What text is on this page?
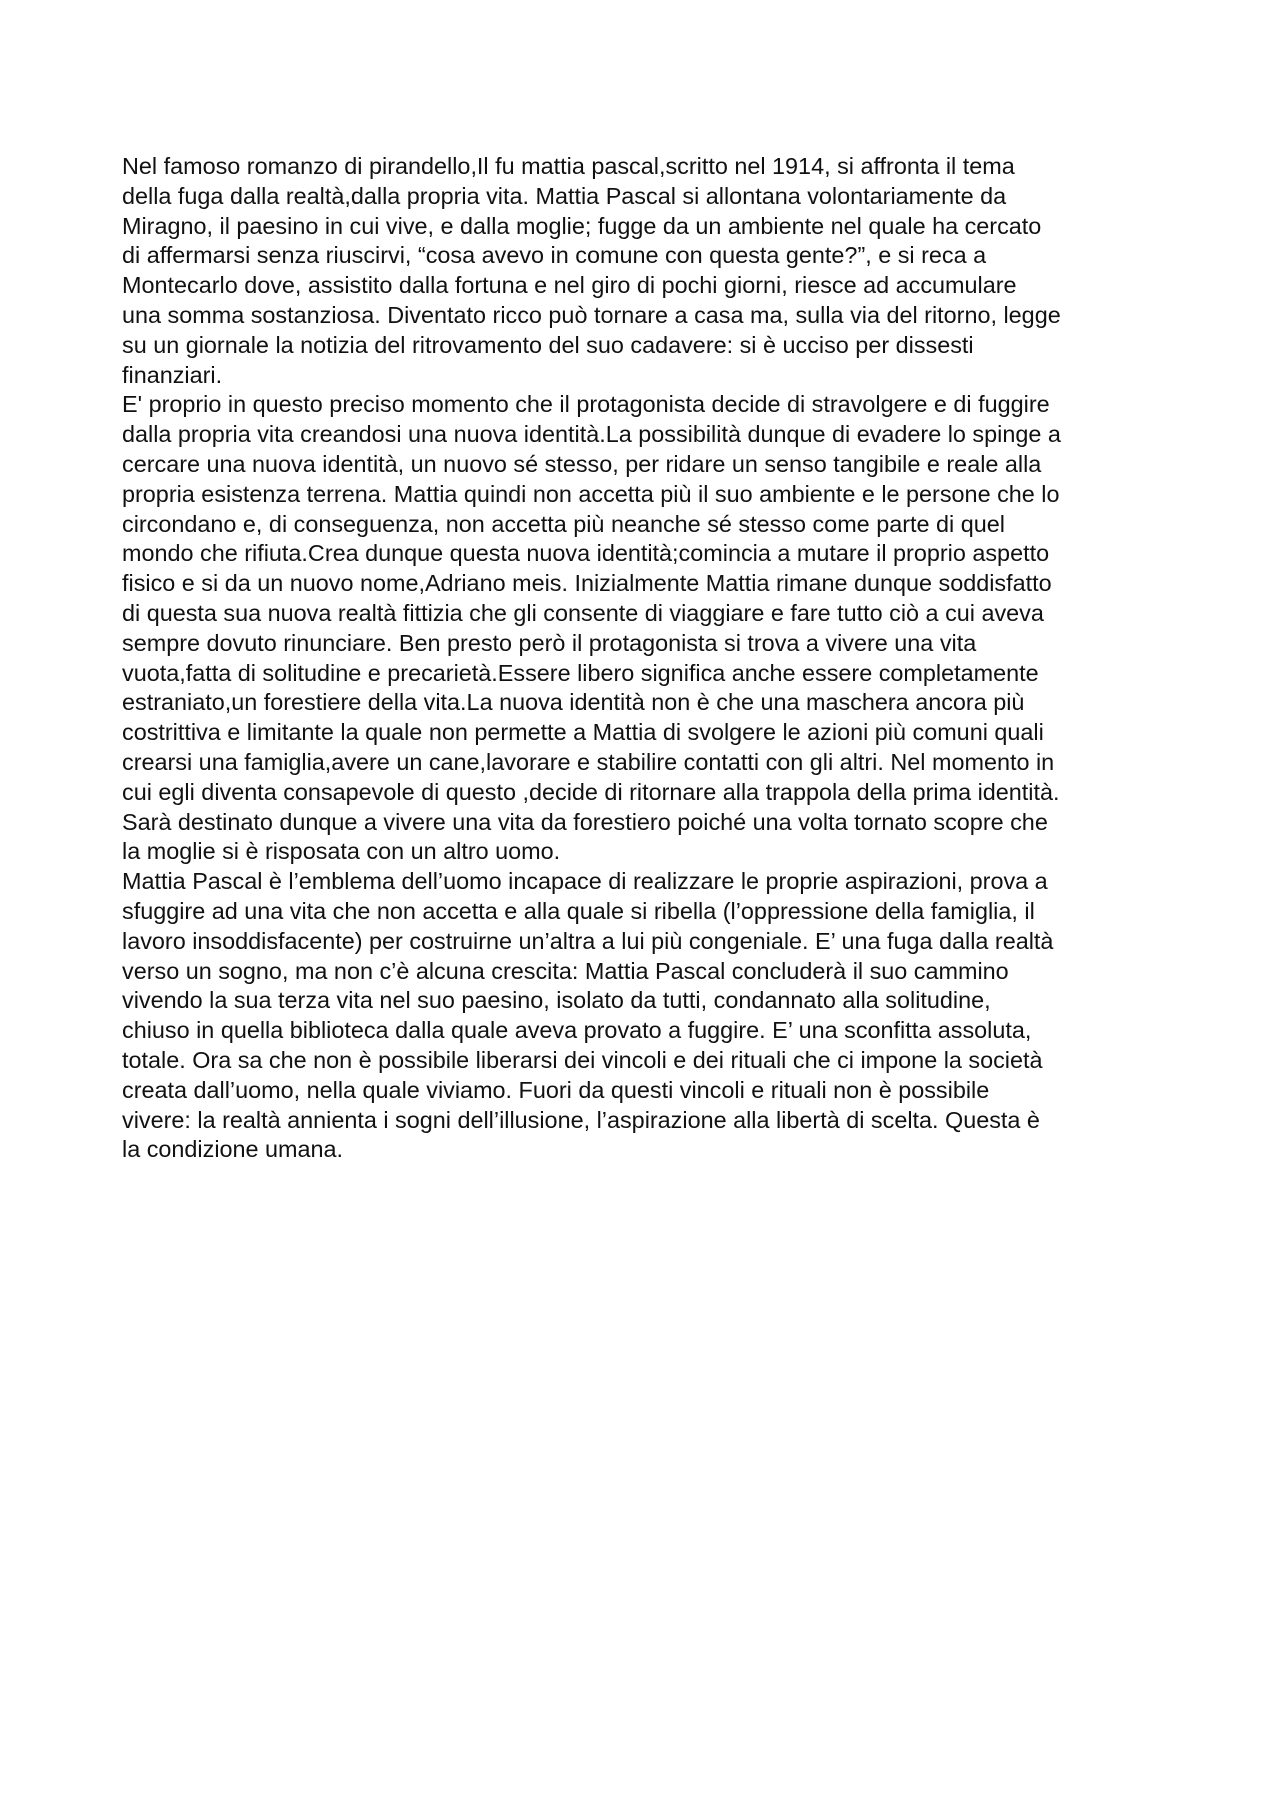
Nel famoso romanzo di pirandello,Il fu mattia pascal,scritto nel 1914, si affronta il tema
della fuga dalla realtà,dalla propria vita. Mattia Pascal si allontana volontariamente da
Miragno, il paesino in cui vive, e dalla moglie; fugge da un ambiente nel quale ha cercato
di affermarsi senza riuscirvi, “cosa avevo in comune con questa gente?”, e si reca a
Montecarlo dove, assistito dalla fortuna e nel giro di pochi giorni, riesce ad accumulare
una somma sostanziosa. Diventato ricco può tornare a casa ma, sulla via del ritorno, legge
su un giornale la notizia del ritrovamento del suo cadavere: si è ucciso per dissesti
finanziari.
E' proprio in questo preciso momento che il protagonista decide di stravolgere e di fuggire
dalla propria vita creandosi una nuova identità.La possibilità dunque di evadere lo spinge a
cercare una nuova identità, un nuovo sé stesso, per ridare un senso tangibile e reale alla
propria esistenza terrena. Mattia quindi non accetta più il suo ambiente e le persone che lo
circondano e, di conseguenza, non accetta più neanche sé stesso come parte di quel
mondo che rifiuta.Crea dunque questa nuova identità;comincia a mutare il proprio aspetto
fisico e si da un nuovo nome,Adriano meis. Inizialmente Mattia rimane dunque soddisfatto
di questa sua nuova realtà fittizia che gli consente di viaggiare e fare tutto ciò a cui aveva
sempre dovuto rinunciare. Ben presto però il protagonista si trova a vivere una vita
vuota,fatta di solitudine e precarietà.Essere libero significa anche essere completamente
estraniato,un forestiere della vita.La nuova identità non è che una maschera ancora più
costrittiva e limitante la quale non permette a Mattia di svolgere le azioni più comuni quali
crearsi una famiglia,avere un cane,lavorare e stabilire contatti con gli altri. Nel momento in
cui egli diventa consapevole di questo ,decide di ritornare alla trappola della prima identità.
Sarà destinato dunque a vivere una vita da forestiero poiché una volta tornato scopre che
la moglie si è risposata con un altro uomo.
Mattia Pascal è l’emblema dell’uomo incapace di realizzare le proprie aspirazioni, prova a
sfuggire ad una vita che non accetta e alla quale si ribella (l’oppressione della famiglia, il
lavoro insoddisfacente) per costruirne un’altra a lui più congeniale. E’ una fuga dalla realtà
verso un sogno, ma non c’è alcuna crescita: Mattia Pascal concluderà il suo cammino
vivendo la sua terza vita nel suo paesino, isolato da tutti, condannato alla solitudine,
chiuso in quella biblioteca dalla quale aveva provato a fuggire. E’ una sconfitta assoluta,
totale. Ora sa che non è possibile liberarsi dei vincoli e dei rituali che ci impone la società
creata dall’uomo, nella quale viviamo. Fuori da questi vincoli e rituali non è possibile
vivere: la realtà annienta i sogni dell’illusione, l’aspirazione alla libertà di scelta. Questa è
la condizione umana.
